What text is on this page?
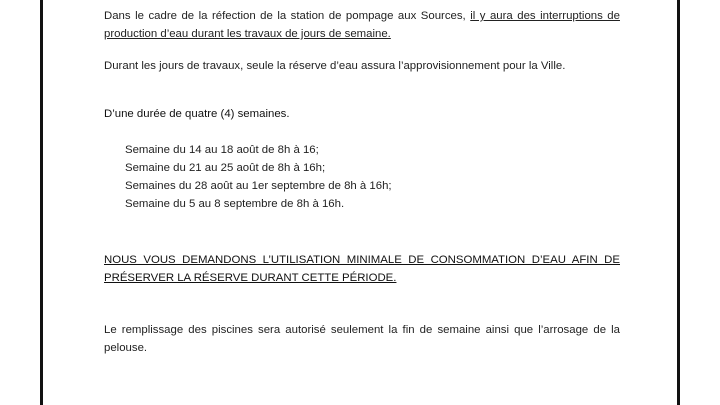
Dans le cadre de la réfection de la station de pompage aux Sources, il y aura des interruptions de production d’eau durant les travaux de jours de semaine.

Durant les jours de travaux, seule la réserve d’eau assura l’approvisionnement pour la Ville.

D’une durée de quatre (4) semaines.

Semaine du 14 au 18 août de 8h à 16;
Semaine du 21 au 25 août de 8h à 16h;
Semaines du 28 août au 1er septembre de 8h à 16h;
Semaine du 5 au 8 septembre de 8h à 16h.

NOUS VOUS DEMANDONS L’UTILISATION MINIMALE DE CONSOMMATION D’EAU AFIN DE PRÉSERVER LA RÉSERVE DURANT CETTE PÉRIODE.

Le remplissage des piscines sera autorisé seulement la fin de semaine ainsi que l’arrosage de la pelouse.
